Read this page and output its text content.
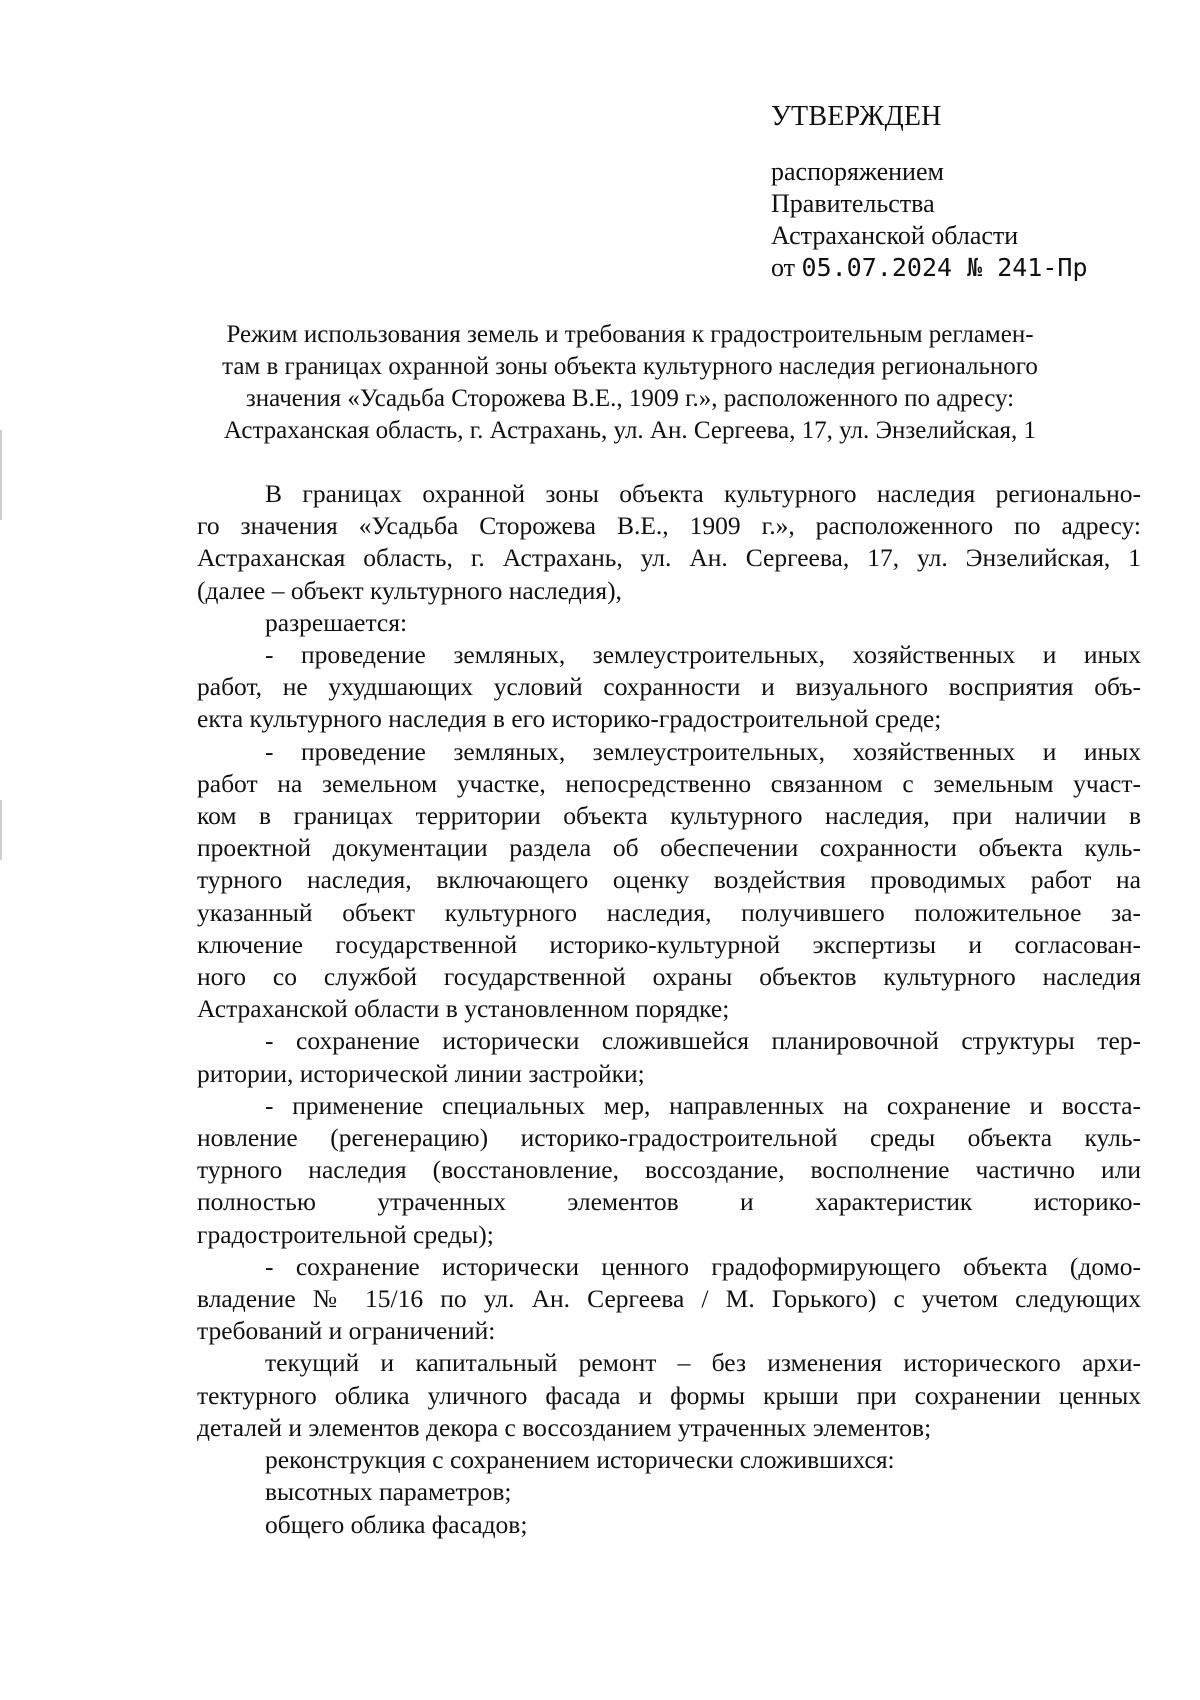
УТВЕРЖДЕН
распоряжением
Правительства
Астраханской области
от 05.07.2024 № 241-Пр
Режим использования земель и требования к градостроительным регламен-
там в границах охранной зоны объекта культурного наследия регионального
значения «Усадьба Сторожева В.Е., 1909 г.», расположенного по адресу:
Астраханская область, г. Астрахань, ул. Ан. Сергеева, 17, ул. Энзелийская, 1
В границах охранной зоны объекта культурного наследия регионально-
го значения «Усадьба Сторожева В.Е., 1909 г.», расположенного по адресу:
Астраханская область, г. Астрахань, ул. Ан. Сергеева, 17, ул. Энзелийская, 1
(далее – объект культурного наследия),
разрешается:
- проведение земляных, землеустроительных, хозяйственных и иных
работ, не ухудшающих условий сохранности и визуального восприятия объ-
екта культурного наследия в его историко-градостроительной среде;
- проведение земляных, землеустроительных, хозяйственных и иных
работ на земельном участке, непосредственно связанном с земельным участ-
ком в границах территории объекта культурного наследия, при наличии в
проектной документации раздела об обеспечении сохранности объекта куль-
турного наследия, включающего оценку воздействия проводимых работ на
указанный объект культурного наследия, получившего положительное за-
ключение государственной историко-культурной экспертизы и согласован-
ного со службой государственной охраны объектов культурного наследия
Астраханской области в установленном порядке;
- сохранение исторически сложившейся планировочной структуры тер-
ритории, исторической линии застройки;
- применение специальных мер, направленных на сохранение и восста-
новление (регенерацию) историко-градостроительной среды объекта куль-
турного наследия (восстановление, воссоздание, восполнение частично или
полностью утраченных элементов и характеристик историко-
градостроительной среды);
- сохранение исторически ценного градоформирующего объекта (домо-
владение № 15/16 по ул. Ан. Сергеева / М. Горького) с учетом следующих
требований и ограничений:
текущий и капитальный ремонт – без изменения исторического архи-
тектурного облика уличного фасада и формы крыши при сохранении ценных
деталей и элементов декора с воссозданием утраченных элементов;
реконструкция с сохранением исторически сложившихся:
высотных параметров;
общего облика фасадов;
